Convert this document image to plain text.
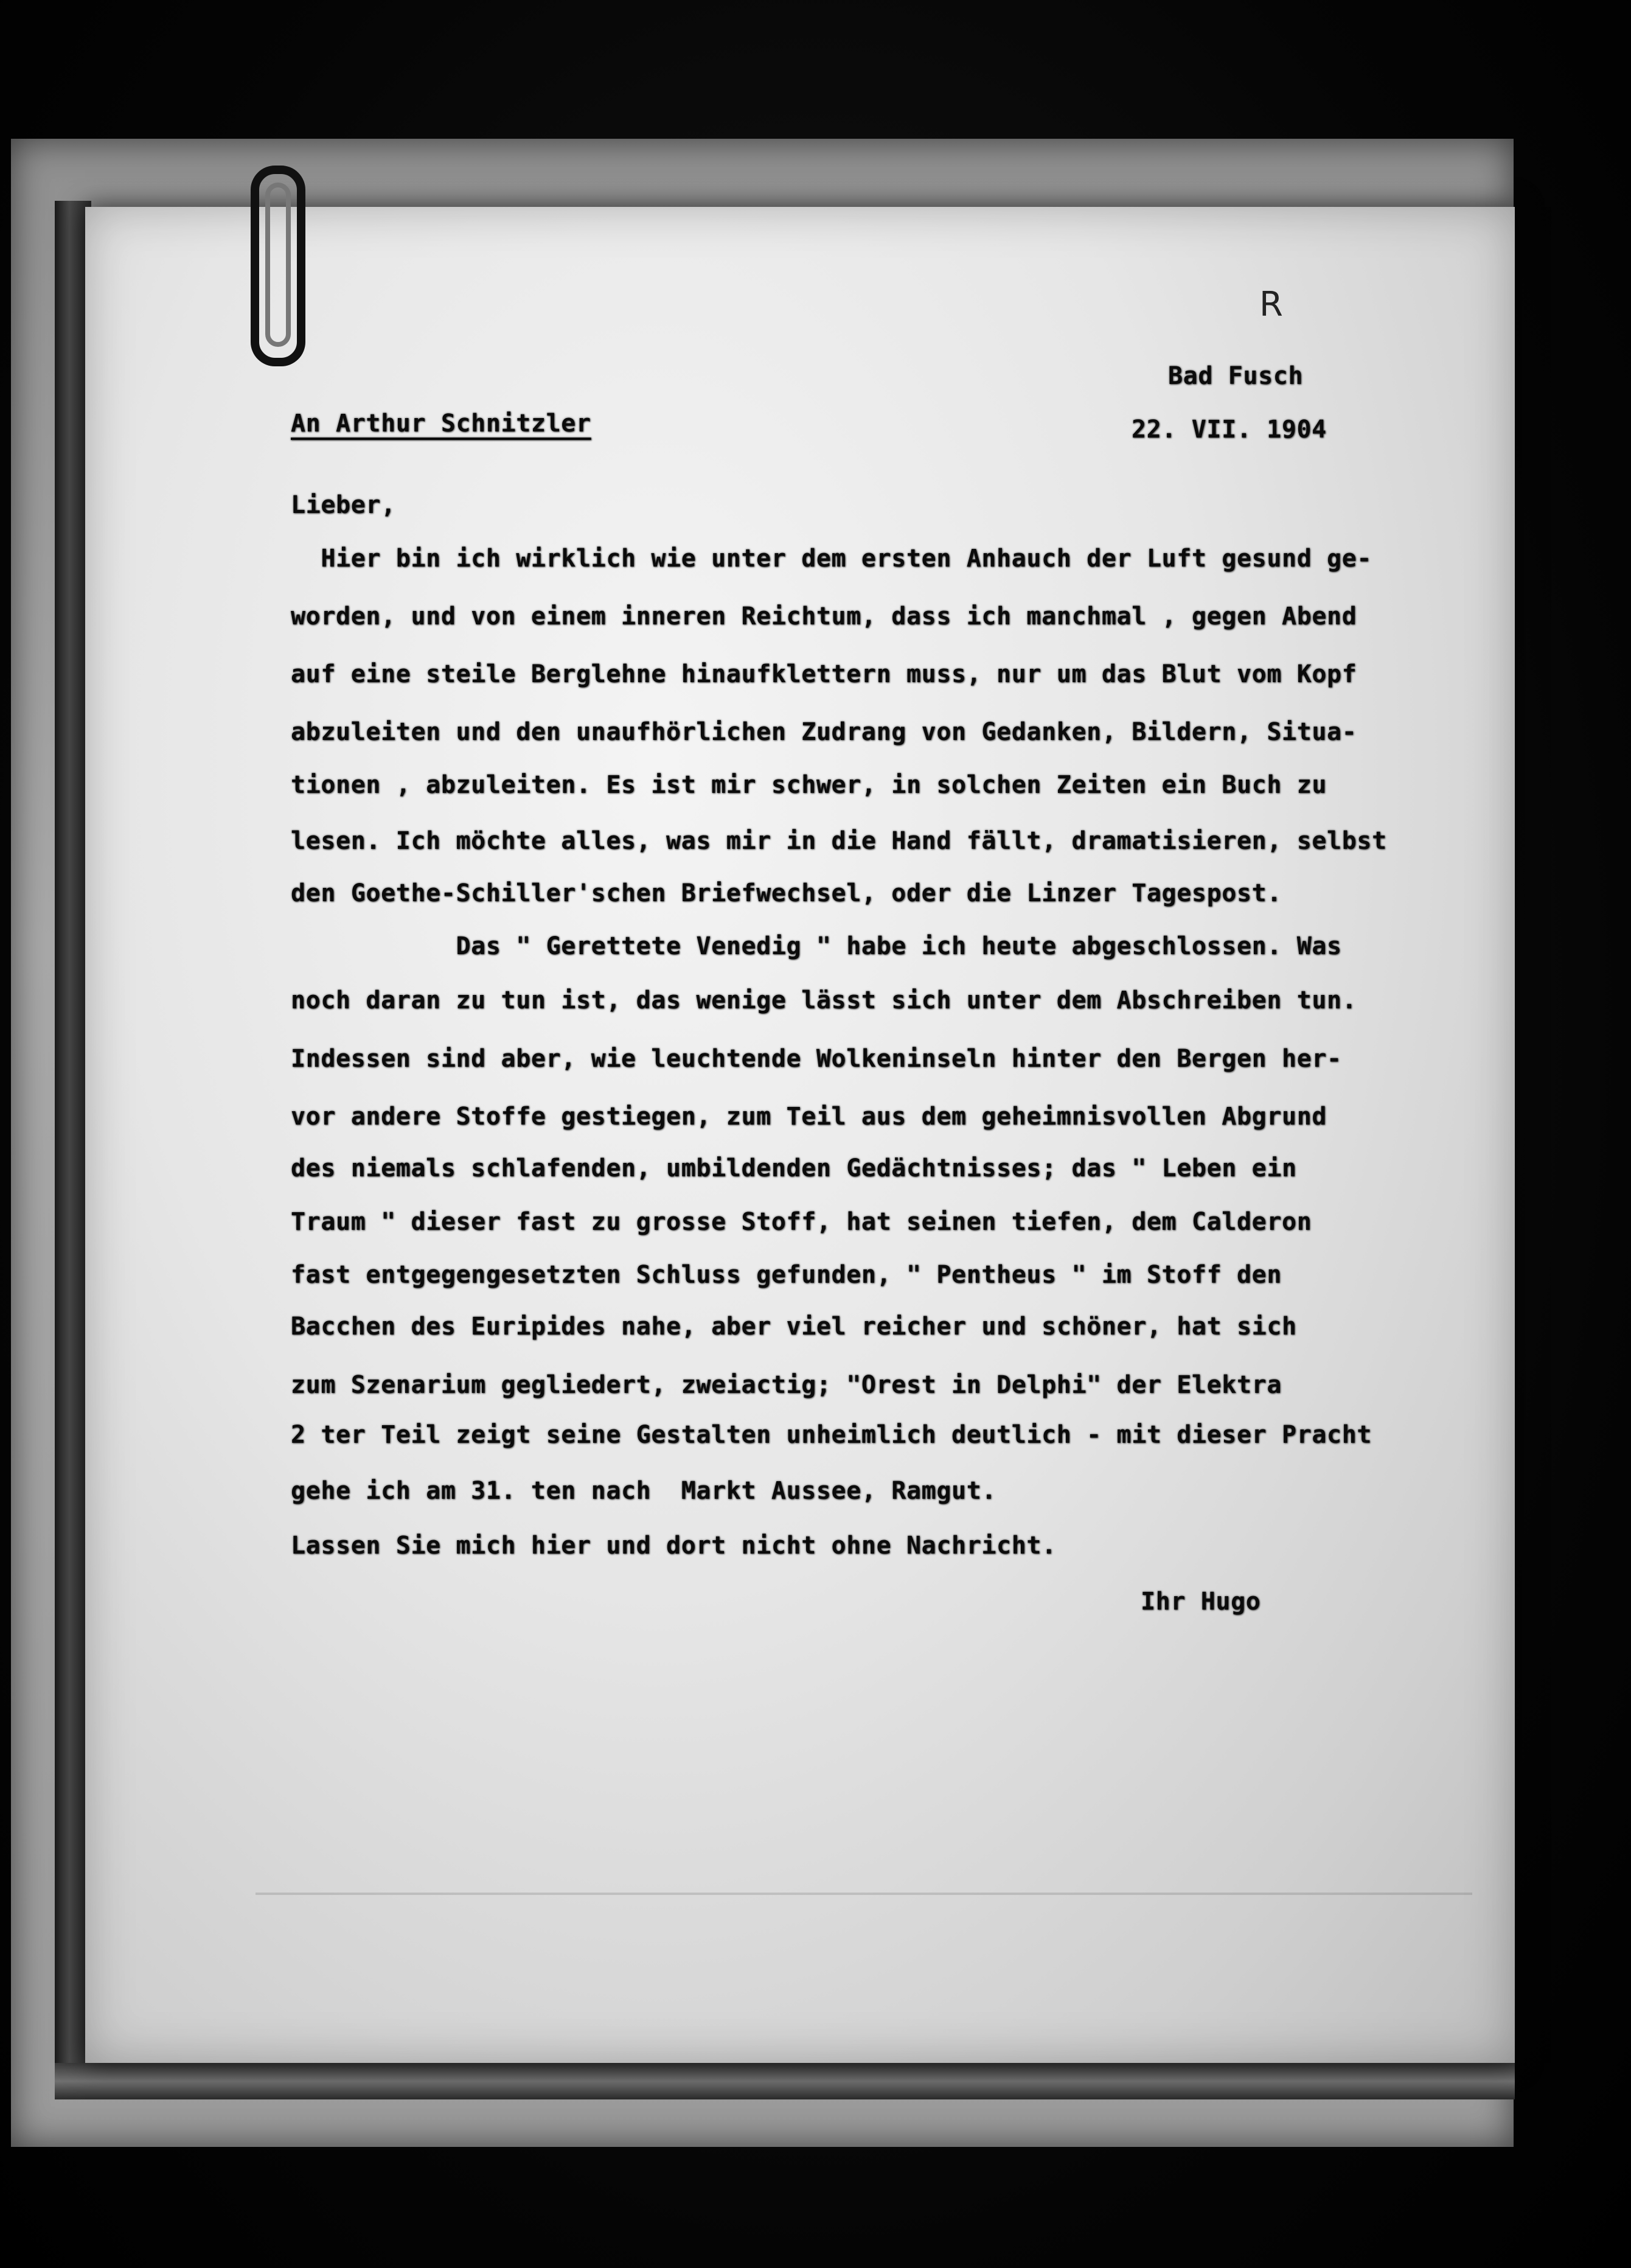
R
Bad Fusch
An Arthur Schnitzler	22. VII. 1904
Lieber,
Hier bin ich wirklich wie unter dem ersten Anhauch der Luft gesund ge-
worden, und von einem inneren Reichtum, dass ich manchmal , gegen Abend
auf eine steile Berglehne hinaufklettern muss, nur um das Blut vom Kopf
abzuleiten und den unaufhörlichen Zudrang von Gedanken, Bildern, Situa-
tionen , abzuleiten. Es ist mir schwer, in solchen Zeiten ein Buch zu
lesen. Ich möchte alles, was mir in die Hand fällt, dramatisieren, selbst
den Goethe-Schiller'schen Briefwechsel, oder die Linzer Tagespost.
Das " Gerettete Venedig " habe ich heute abgeschlossen. Was
noch daran zu tun ist, das wenige lässt sich unter dem Abschreiben tun.
Indessen sind aber, wie leuchtende Wolkeninseln hinter den Bergen her-
vor andere Stoffe gestiegen, zum Teil aus dem geheimnisvollen Abgrund
des niemals schlafenden, umbildenden Gedächtnisses; das " Leben ein
Traum " dieser fast zu grosse Stoff, hat seinen tiefen, dem Calderon
fast entgegengesetzten Schluss gefunden, " Pentheus " im Stoff den
Bacchen des Euripides nahe, aber viel reicher und schöner, hat sich
zum Szenarium gegliedert, zweiactig; "Orest in Delphi" der Elektra
2 ter Teil zeigt seine Gestalten unheimlich deutlich - mit dieser Pracht
gehe ich am 31. ten nach  Markt Aussee, Ramgut.
Lassen Sie mich hier und dort nicht ohne Nachricht.
Ihr Hugo
